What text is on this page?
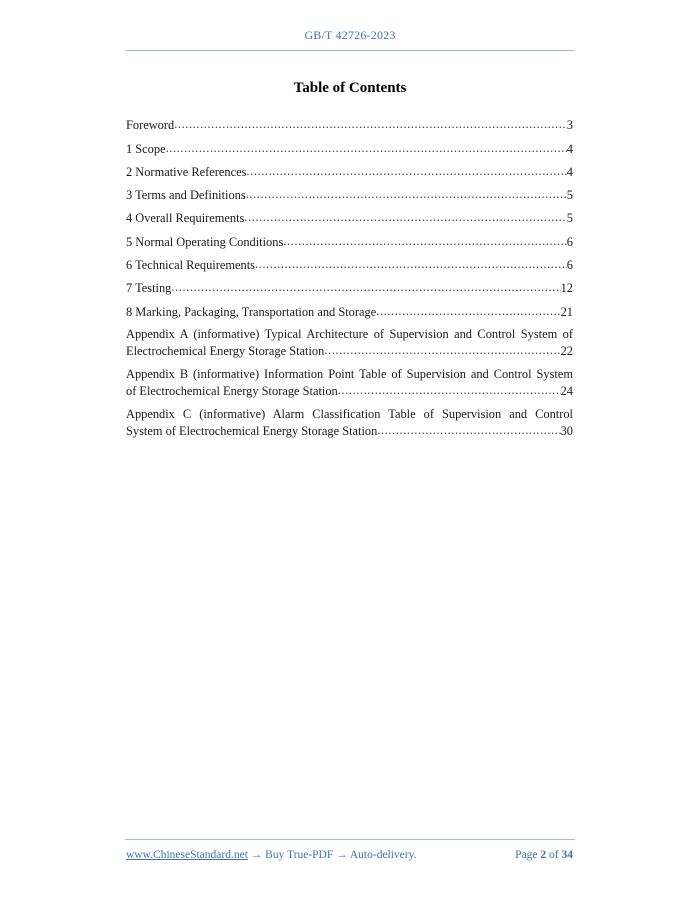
GB/T 42726-2023
Table of Contents
Foreword .....	3
1 Scope .....	4
2 Normative References .....	4
3 Terms and Definitions .....	5
4 Overall Requirements .....	5
5 Normal Operating Conditions .....	6
6 Technical Requirements .....	6
7 Testing .....	12
8 Marking, Packaging, Transportation and Storage .....	21
Appendix A (informative) Typical Architecture of Supervision and Control System of
Electrochemical Energy Storage Station .....	22
Appendix B (informative) Information Point Table of Supervision and Control System
of Electrochemical Energy Storage Station .....	24
Appendix C (informative) Alarm Classification Table of Supervision and Control
System of Electrochemical Energy Storage Station .....	30
www.ChineseStandard.net → Buy True-PDF → Auto-delivery.	Page 2 of 34
